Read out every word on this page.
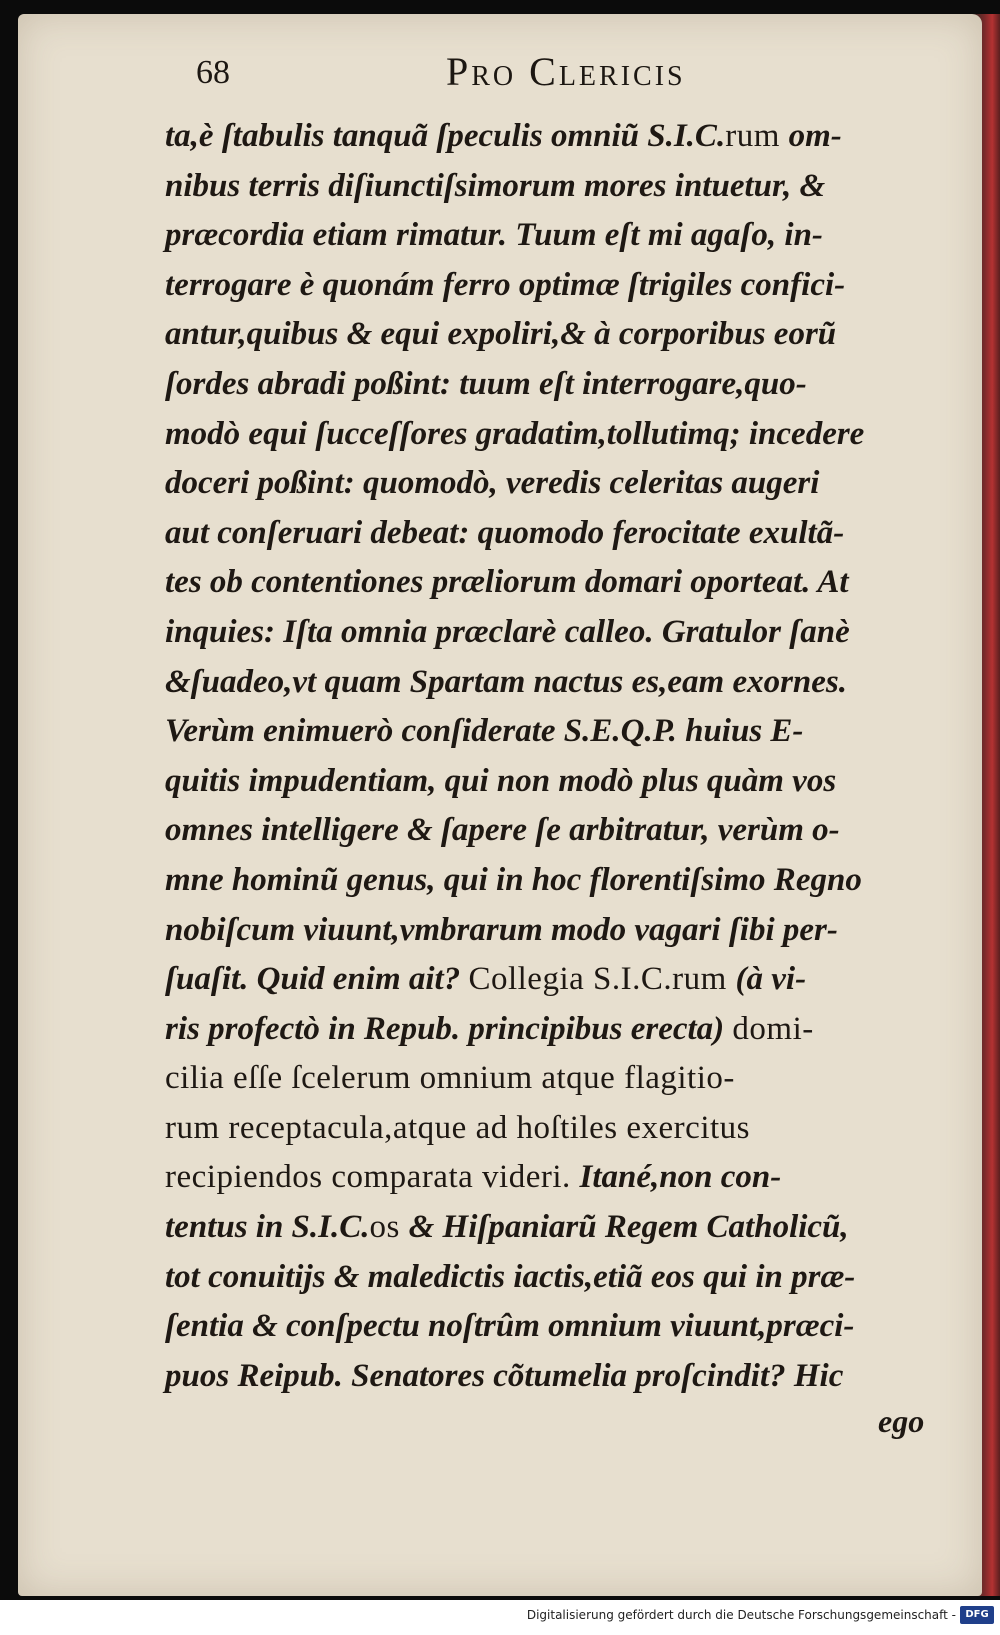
68	Pro Clericis
ta,è ſtabulis tanquã ſpeculis omniũ S.I.C.rum om-
nibus terris diſiunctiſsimorum mores intuetur, &
præcordia etiam rimatur. Tuum eſt mi agaſo, in-
terrogare è quonám ferro optimæ ſtrigiles confici-
antur,quibus & equi expoliri,& à corporibus eorũ
ſordes abradi poßint: tuum eſt interrogare,quo-
modò equi ſucceſſores gradatim,tollutimq; incedere
doceri poßint: quomodò, veredis celeritas augeri
aut conſeruari debeat: quomodo ferocitate exultã-
tes ob contentiones præliorum domari oporteat. At
inquies: Iſta omnia præclarè calleo. Gratulor ſanè
&ſuadeo,vt quam Spartam nactus es,eam exornes.
Verùm enimuerò conſiderate S.E.Q.P. huius E-
quitis impudentiam, qui non modò plus quàm vos
omnes intelligere & ſapere ſe arbitratur, verùm o-
mne hominũ genus, qui in hoc florentiſsimo Regno
nobiſcum viuunt,vmbrarum modo vagari ſibi per-
ſuaſit. Quid enim ait? Collegia S.I.C.rum (à vi-
ris profectò in Repub. principibus erecta) domi-
cilia eſſe ſcelerum omnium atque flagitio-
rum receptacula,atque ad hoſtiles exercitus
recipiendos comparata videri. Itané,non con-
tentus in S.I.C.os & Hiſpaniarũ Regem Catholicũ,
tot conuitijs & maledictis iactis,etiã eos qui in præ-
ſentia & conſpectu noſtrûm omnium viuunt,præci-
puos Reipub. Senatores cõtumelia proſcindit? Hic
ego
Digitalisierung gefördert durch die Deutsche Forschungsgemeinschaft - DFG
